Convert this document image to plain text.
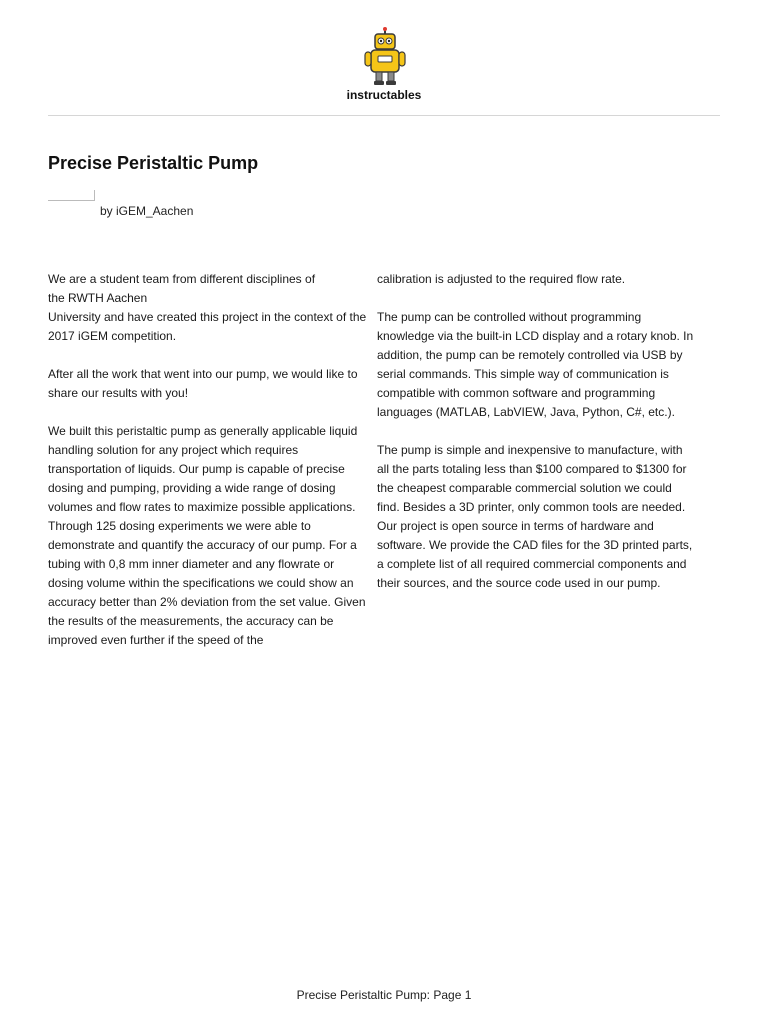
instructables
Precise Peristaltic Pump
by iGEM_Aachen

We are a student team from different disciplines of
the RWTH Aachen
University and have created this project in the context of the 2017 iGEM competition.

After all the work that went into our pump, we would like to share our results with you!

We built this peristaltic pump as generally applicable liquid handling solution for any project which requires transportation of liquids. Our pump is capable of precise dosing and pumping, providing a wide range of dosing volumes and flow rates to maximize possible applications. Through 125 dosing experiments we were able to demonstrate and quantify the accuracy of our pump. For a tubing with 0,8 mm inner diameter and any flowrate or dosing volume within the specifications we could show an accuracy better than 2% deviation from the set value. Given the results of the measurements, the accuracy can be improved even further if the speed of the

calibration is adjusted to the required flow rate.

The pump can be controlled without programming knowledge via the built-in LCD display and a rotary knob. In addition, the pump can be remotely controlled via USB by serial commands. This simple way of communication is compatible with common software and programming languages (MATLAB, LabVIEW, Java, Python, C#, etc.).

The pump is simple and inexpensive to manufacture, with all the parts totaling less than $100 compared to $1300 for the cheapest comparable commercial solution we could find. Besides a 3D printer, only common tools are needed. Our project is open source in terms of hardware and software. We provide the CAD files for the 3D printed parts, a complete list of all required commercial components and their sources, and the source code used in our pump.

Precise Peristaltic Pump: Page 1
